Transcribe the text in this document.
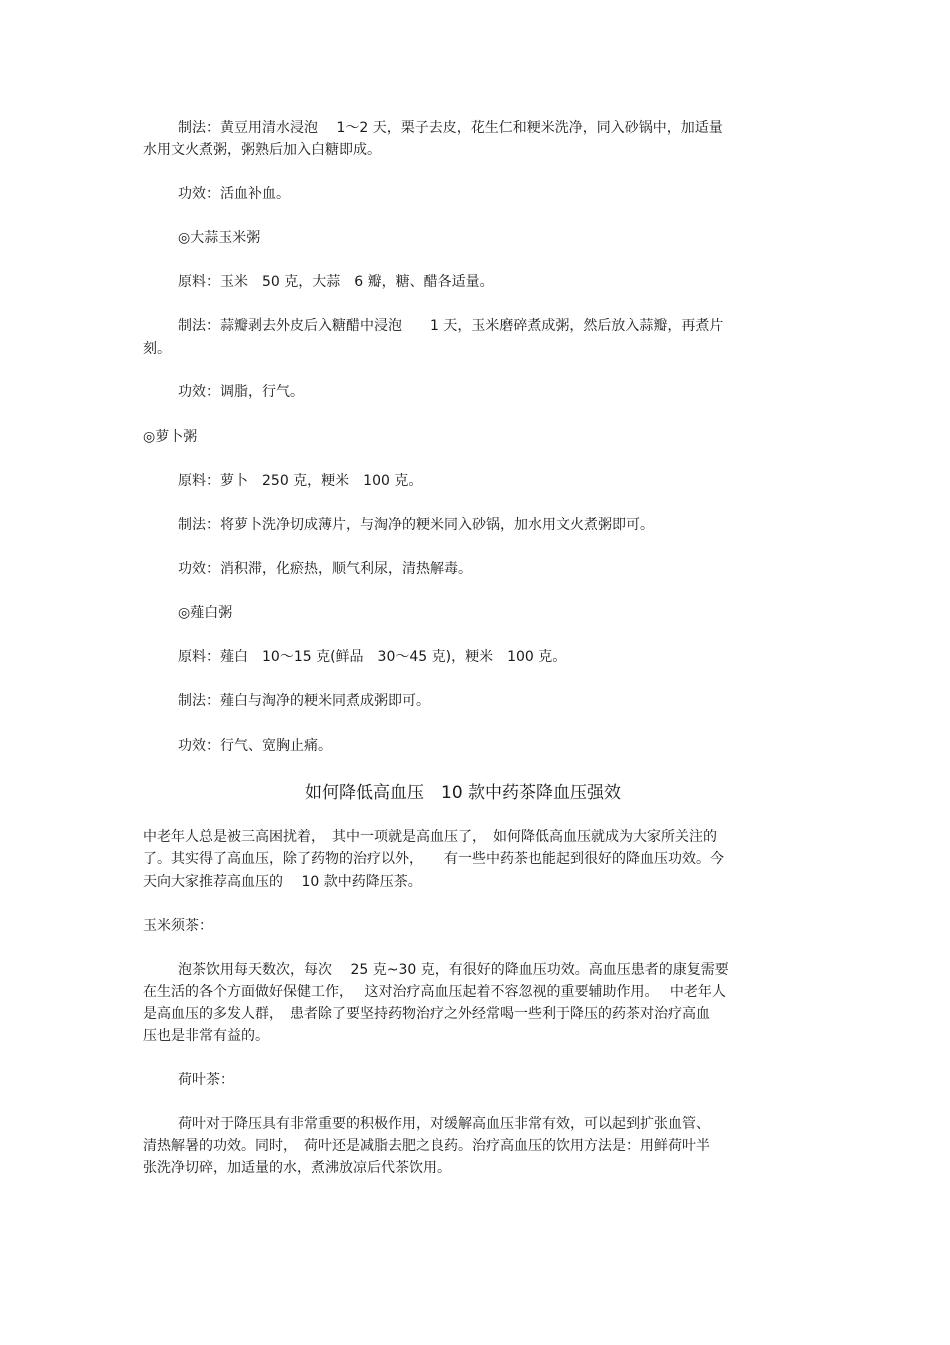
制法：黄豆用清水浸泡　 1～2 天，栗子去皮，花生仁和粳米洗净，同入砂锅中，加适量
水用文火煮粥，粥熟后加入白糖即成。
功效：活血补血。
◎大蒜玉米粥
原料：玉米　50 克，大蒜　6 瓣，糖、醋各适量。
制法：蒜瓣剥去外皮后入糖醋中浸泡　　1 天，玉米磨碎煮成粥，然后放入蒜瓣，再煮片
刻。
功效：调脂，行气。
◎萝卜粥
原料：萝卜　250 克，粳米　100 克。
制法：将萝卜洗净切成薄片，与淘净的粳米同入砂锅，加水用文火煮粥即可。
功效：消积滞，化瘀热，顺气利尿，清热解毒。
◎薤白粥
原料：薤白　10～15 克(鲜品　30～45 克)，粳米　100 克。
制法：薤白与淘净的粳米同煮成粥即可。
功效：行气、宽胸止痛。
如何降低高血压　10 款中药茶降血压强效
中老年人总是被三高困扰着，　其中一项就是高血压了，　如何降低高血压就成为大家所关注的
了。其实得了高血压，除了药物的治疗以外，　　有一些中药茶也能起到很好的降血压功效。今
天向大家推荐高血压的　 10 款中药降压茶。
玉米须茶：
泡茶饮用每天数次，每次　 25 克~30 克，有很好的降血压功效。高血压患者的康复需要
在生活的各个方面做好保健工作，　 这对治疗高血压起着不容忽视的重要辅助作用。　 中老年人
是高血压的多发人群，　患者除了要坚持药物治疗之外经常喝一些利于降压的药茶对治疗高血
压也是非常有益的。
荷叶茶：
荷叶对于降压具有非常重要的积极作用，对缓解高血压非常有效，可以起到扩张血管、
清热解暑的功效。同时，　荷叶还是减脂去肥之良药。治疗高血压的饮用方法是：用鲜荷叶半
张洗净切碎，加适量的水，煮沸放凉后代茶饮用。
